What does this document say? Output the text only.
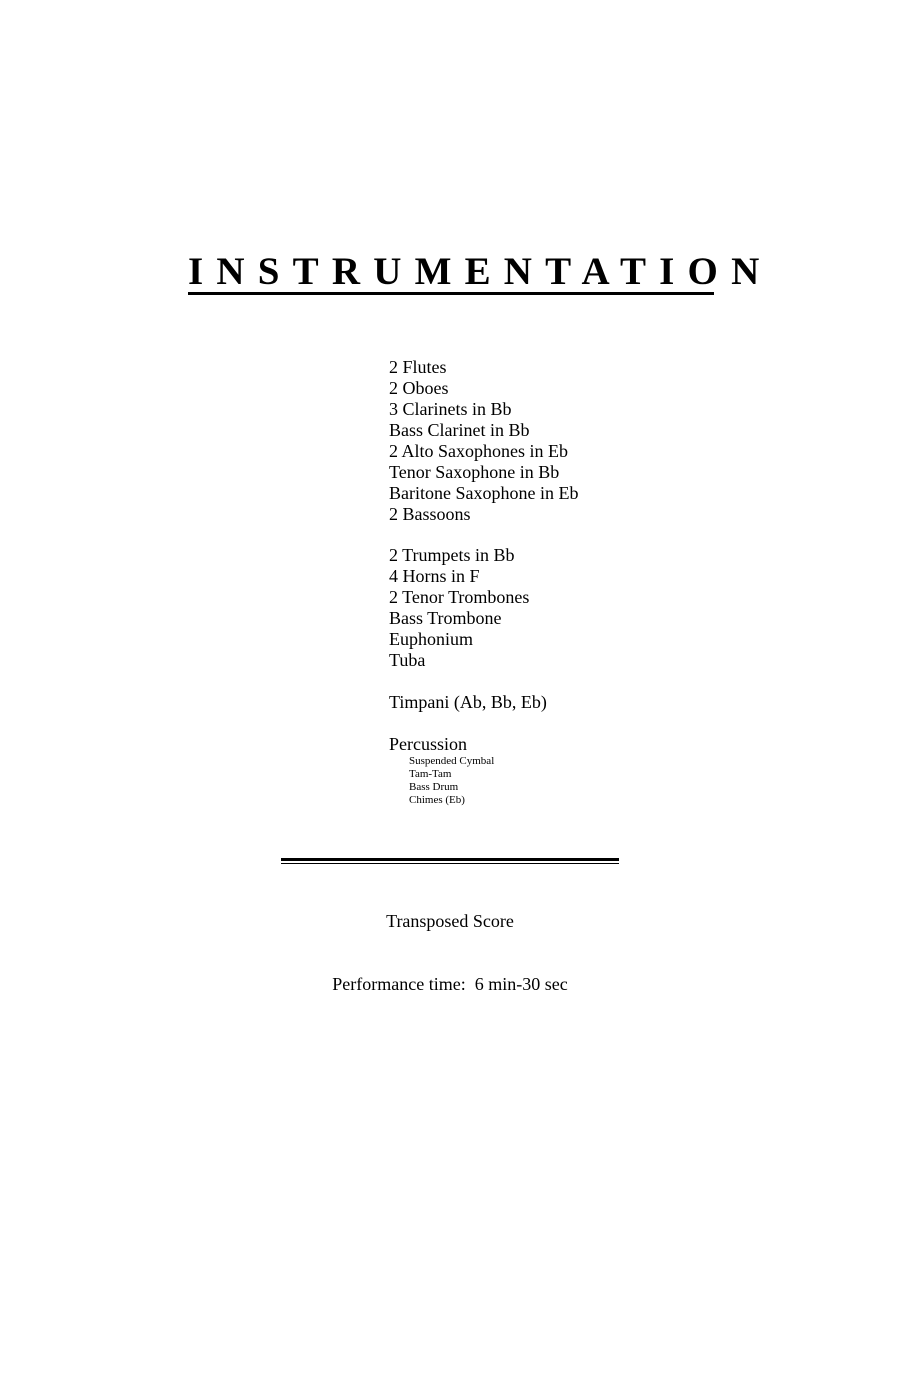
INSTRUMENTATION
2 Flutes
2 Oboes
3 Clarinets in Bb
Bass Clarinet in Bb
2 Alto Saxophones in Eb
Tenor Saxophone in Bb
Baritone Saxophone in Eb
2 Bassoons
2 Trumpets in Bb
4 Horns in F
2 Tenor Trombones
Bass Trombone
Euphonium
Tuba
Timpani (Ab, Bb, Eb)
Percussion
Suspended Cymbal
Tam-Tam
Bass Drum
Chimes (Eb)

Transposed Score

Performance time:  6 min-30 sec
